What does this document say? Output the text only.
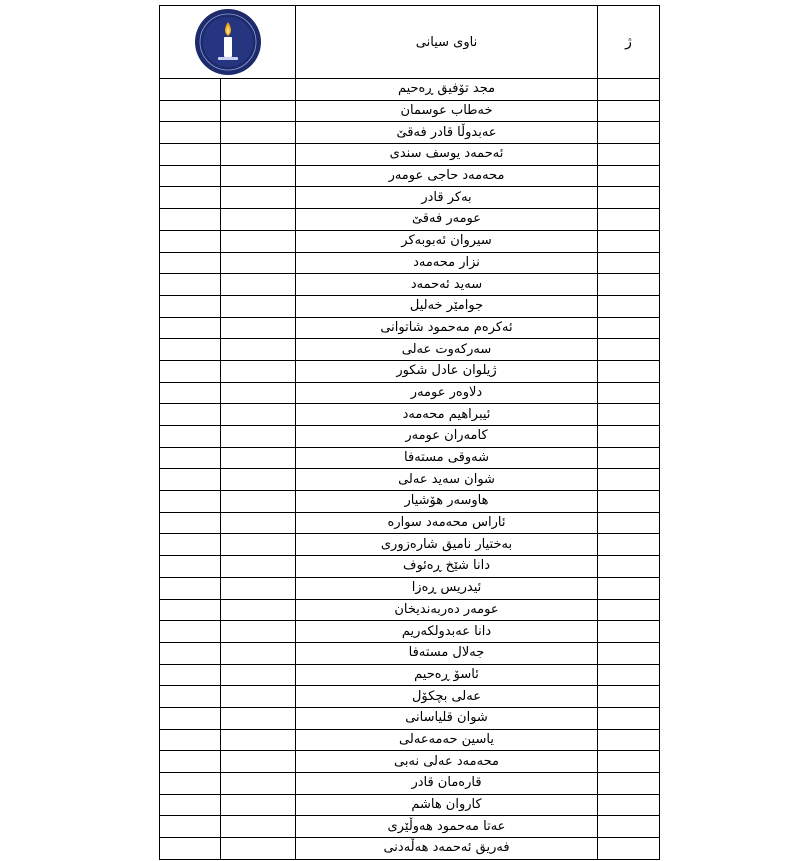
	ناوی سیانی	ژ
		مجد تۆفیق ڕەحیم	
		خەطاب عوسمان	
		عەبدوڵا قادر فەقێ	
		ئەحمەد یوسف سندی	
		محەمەد حاجی عومەر	
		بەکر قادر	
		عومەر فەقێ	
		سیروان ئەبوبەکر	
		نزار محەمەد	
		سەید ئەحمەد	
		جوامێر خەلیل	
		ئەکرەم مەحمود شاتوانی	
		سەرکەوت عەلی	
		ژیلوان عادل شکور	
		دلاوەر عومەر	
		ئیبراهیم محەمەد	
		کامەران عومەر	
		شەوقی مستەفا	
		شوان سەید عەلی	
		هاوسەر هۆشیار	
		ئاراس محەمەد سوارە	
		بەختیار نامیق شارەزوری	
		دانا شێخ ڕەئوف	
		ئیدریس ڕەزا	
		عومەر دەربەندیخان	
		دانا عەبدولکەریم	
		جەلال مستەفا	
		ئاسۆ ڕەحیم	
		عەلی بچکۆل	
		شوان قلیاسانی	
		یاسین حەمەعەلی	
		محەمەد عەلی نەبی	
		قارەمان قادر	
		کاروان هاشم	
		عەتا مەحمود هەوڵێری	
		فەریق ئەحمەد هەڵەدنی	
